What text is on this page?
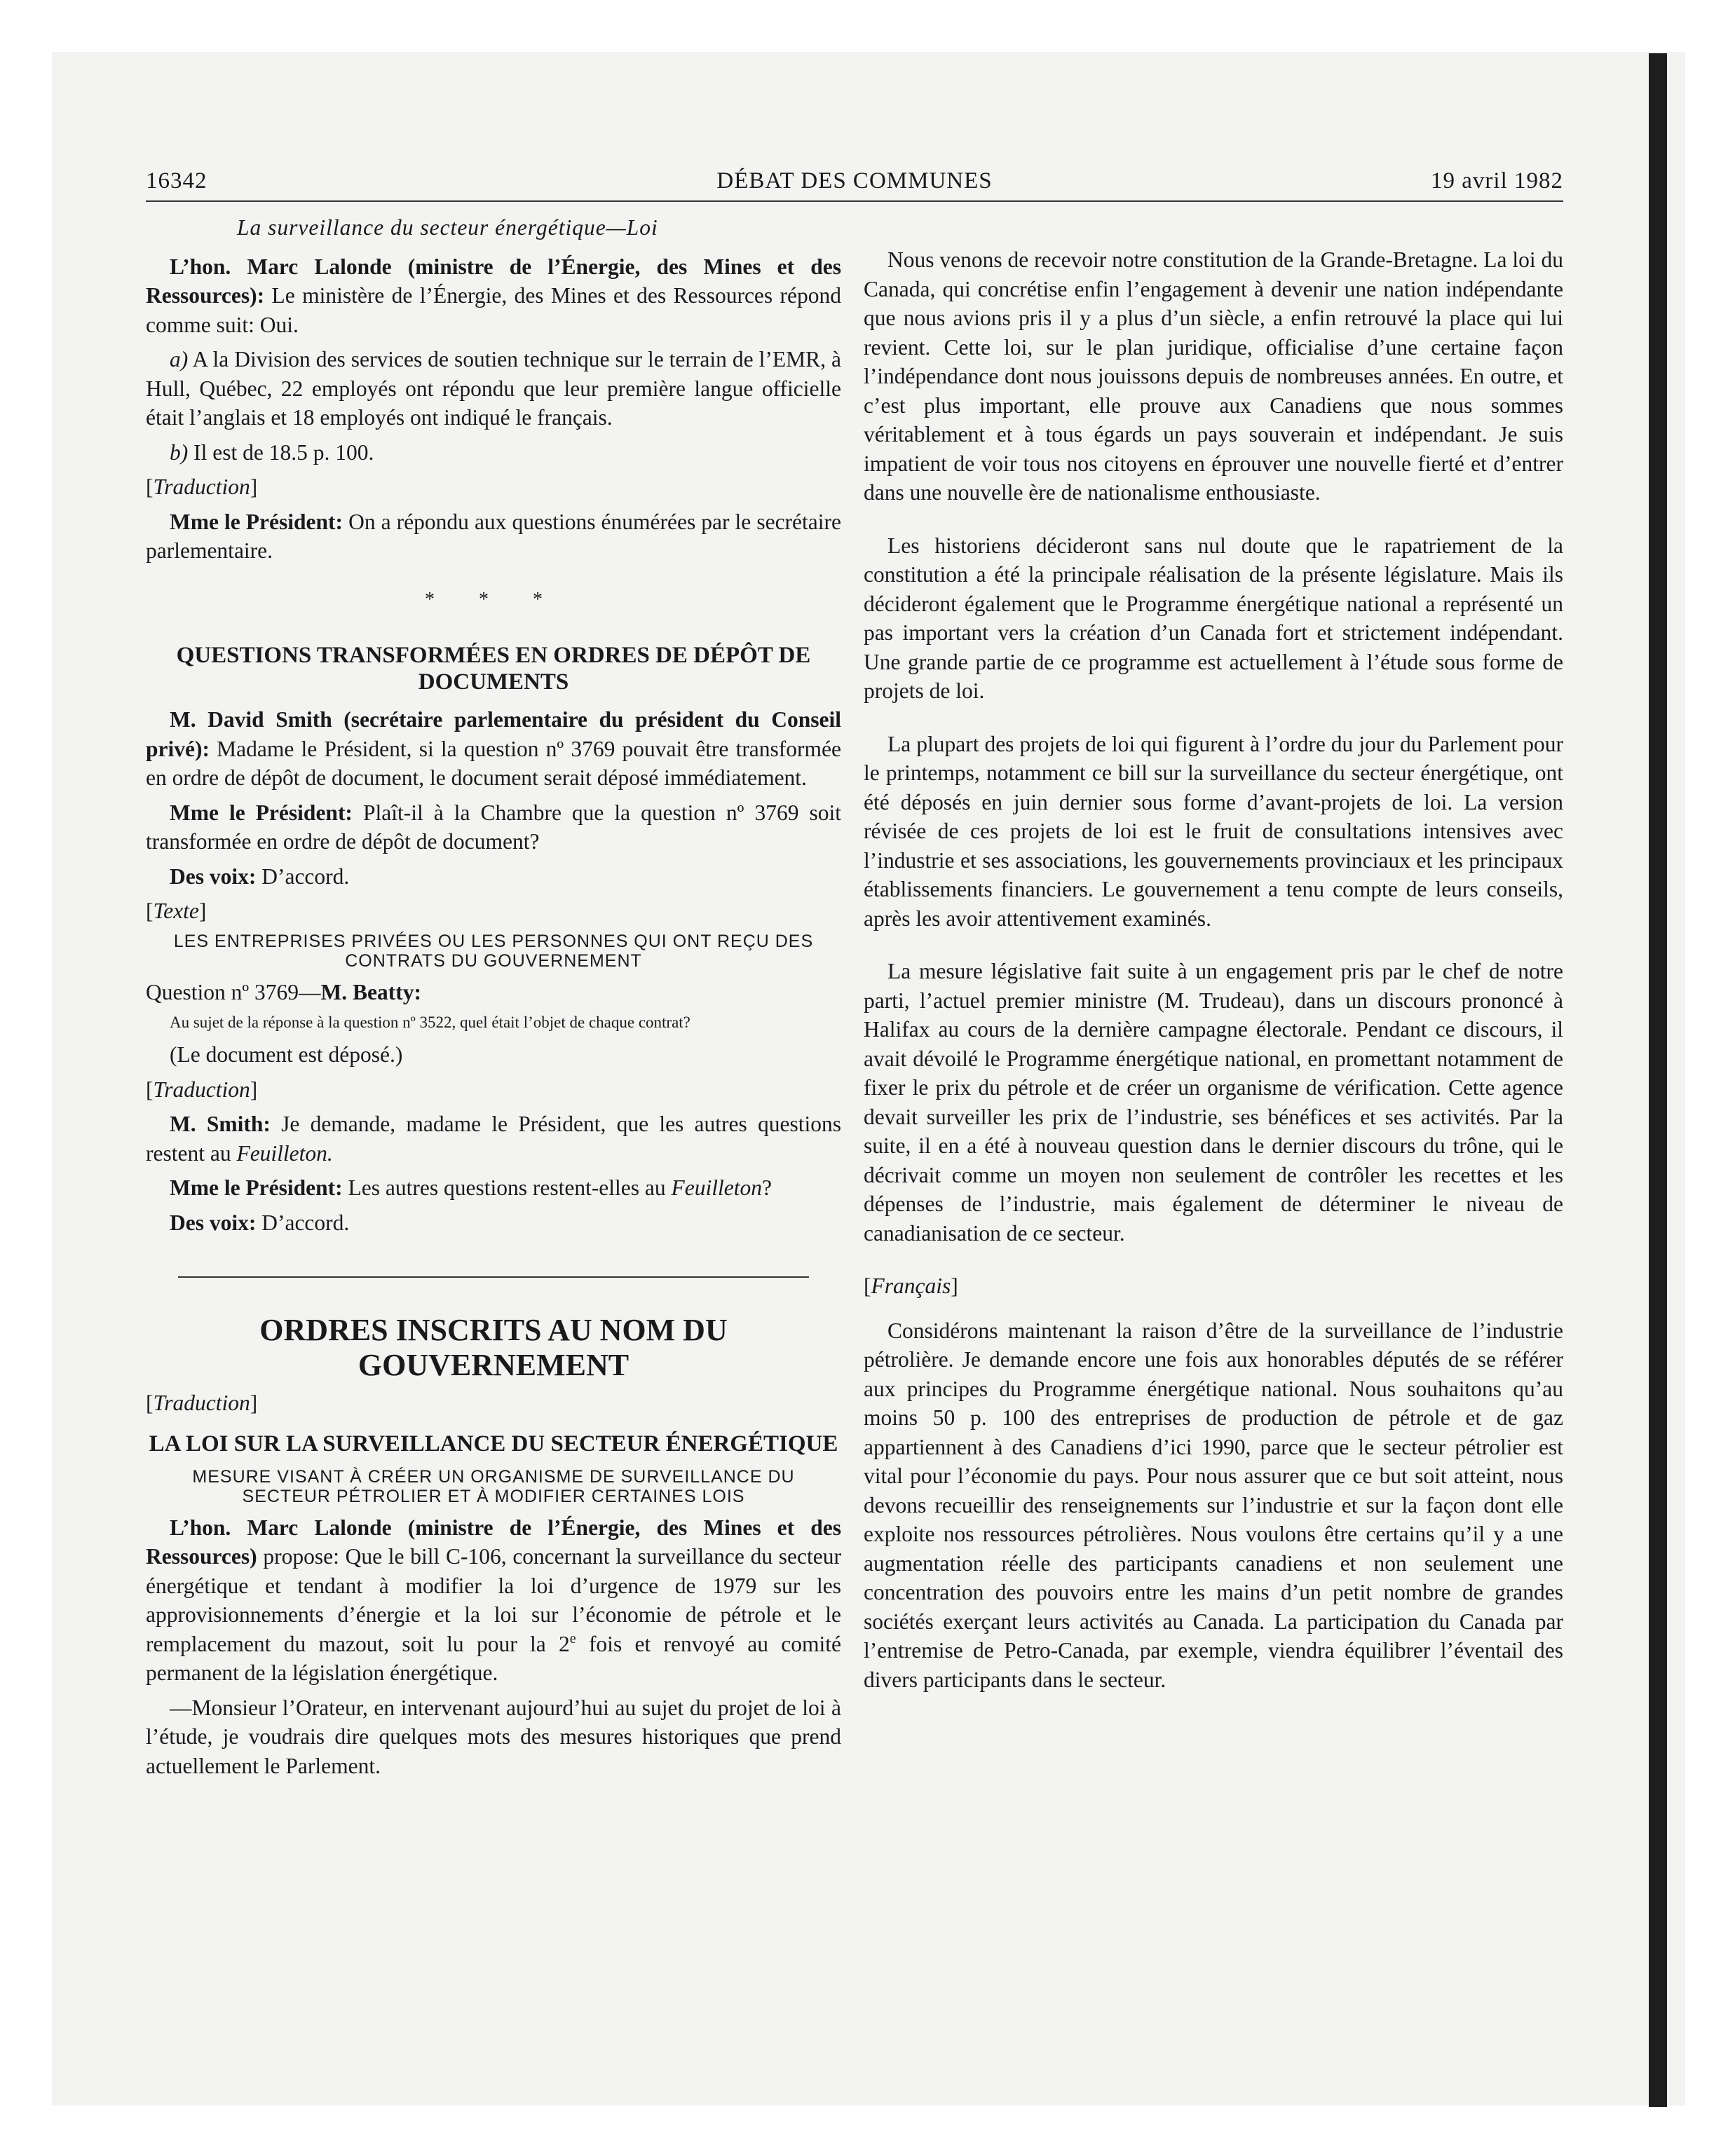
16342	DÉBAT DES COMMUNES	19 avril 1982
La surveillance du secteur énergétique—Loi

L’hon. Marc Lalonde (ministre de l’Énergie, des Mines et des Ressources): Le ministère de l’Énergie, des Mines et des Ressources répond comme suit: Oui.

a) A la Division des services de soutien technique sur le terrain de l’EMR, à Hull, Québec, 22 employés ont répondu que leur première langue officielle était l’anglais et 18 employés ont indiqué le français.

b) Il est de 18.5 p. 100.

[Traduction]

Mme le Président: On a répondu aux questions énumérées par le secrétaire parlementaire.

* * *
QUESTIONS TRANSFORMÉES EN ORDRES DE DÉPÔT DE DOCUMENTS

M. David Smith (secrétaire parlementaire du président du Conseil privé): Madame le Président, si la question nº 3769 pouvait être transformée en ordre de dépôt de document, le document serait déposé immédiatement.

Mme le Président: Plaît-il à la Chambre que la question nº 3769 soit transformée en ordre de dépôt de document?

Des voix: D’accord.

[Texte]

LES ENTREPRISES PRIVÉES OU LES PERSONNES QUI ONT REÇU DES CONTRATS DU GOUVERNEMENT

Question nº 3769—M. Beatty:

Au sujet de la réponse à la question nº 3522, quel était l’objet de chaque contrat?

(Le document est déposé.)

[Traduction]

M. Smith: Je demande, madame le Président, que les autres questions restent au Feuilleton.

Mme le Président: Les autres questions restent-elles au Feuilleton?

Des voix: D’accord.

ORDRES INSCRITS AU NOM DU GOUVERNEMENT

[Traduction]

LA LOI SUR LA SURVEILLANCE DU SECTEUR ÉNERGÉTIQUE
MESURE VISANT À CRÉER UN ORGANISME DE SURVEILLANCE DU SECTEUR PÉTROLIER ET À MODIFIER CERTAINES LOIS

L’hon. Marc Lalonde (ministre de l’Énergie, des Mines et des Ressources) propose: Que le bill C-106, concernant la surveillance du secteur énergétique et tendant à modifier la loi d’urgence de 1979 sur les approvisionnements d’énergie et la loi sur l’économie de pétrole et le remplacement du mazout, soit lu pour la 2e fois et renvoyé au comité permanent de la législation énergétique.

—Monsieur l’Orateur, en intervenant aujourd’hui au sujet du projet de loi à l’étude, je voudrais dire quelques mots des mesures historiques que prend actuellement le Parlement.

Nous venons de recevoir notre constitution de la Grande-Bretagne. La loi du Canada, qui concrétise enfin l’engagement à devenir une nation indépendante que nous avions pris il y a plus d’un siècle, a enfin retrouvé la place qui lui revient. Cette loi, sur le plan juridique, officialise d’une certaine façon l’indépendance dont nous jouissons depuis de nombreuses années. En outre, et c’est plus important, elle prouve aux Canadiens que nous sommes véritablement et à tous égards un pays souverain et indépendant. Je suis impatient de voir tous nos citoyens en éprouver une nouvelle fierté et d’entrer dans une nouvelle ère de nationalisme enthousiaste.

Les historiens décideront sans nul doute que le rapatriement de la constitution a été la principale réalisation de la présente législature. Mais ils décideront également que le Programme énergétique national a représenté un pas important vers la création d’un Canada fort et strictement indépendant. Une grande partie de ce programme est actuellement à l’étude sous forme de projets de loi.

La plupart des projets de loi qui figurent à l’ordre du jour du Parlement pour le printemps, notamment ce bill sur la surveillance du secteur énergétique, ont été déposés en juin dernier sous forme d’avant-projets de loi. La version révisée de ces projets de loi est le fruit de consultations intensives avec l’industrie et ses associations, les gouvernements provinciaux et les principaux établissements financiers. Le gouvernement a tenu compte de leurs conseils, après les avoir attentivement examinés.

La mesure législative fait suite à un engagement pris par le chef de notre parti, l’actuel premier ministre (M. Trudeau), dans un discours prononcé à Halifax au cours de la dernière campagne électorale. Pendant ce discours, il avait dévoilé le Programme énergétique national, en promettant notamment de fixer le prix du pétrole et de créer un organisme de vérification. Cette agence devait surveiller les prix de l’industrie, ses bénéfices et ses activités. Par la suite, il en a été à nouveau question dans le dernier discours du trône, qui le décrivait comme un moyen non seulement de contrôler les recettes et les dépenses de l’industrie, mais également de déterminer le niveau de canadianisation de ce secteur.

[Français]

Considérons maintenant la raison d’être de la surveillance de l’industrie pétrolière. Je demande encore une fois aux honorables députés de se référer aux principes du Programme énergétique national. Nous souhaitons qu’au moins 50 p. 100 des entreprises de production de pétrole et de gaz appartiennent à des Canadiens d’ici 1990, parce que le secteur pétrolier est vital pour l’économie du pays. Pour nous assurer que ce but soit atteint, nous devons recueillir des renseignements sur l’industrie et sur la façon dont elle exploite nos ressources pétrolières. Nous voulons être certains qu’il y a une augmentation réelle des participants canadiens et non seulement une concentration des pouvoirs entre les mains d’un petit nombre de grandes sociétés exerçant leurs activités au Canada. La participation du Canada par l’entremise de Petro-Canada, par exemple, viendra équilibrer l’éventail des divers participants dans le secteur.
